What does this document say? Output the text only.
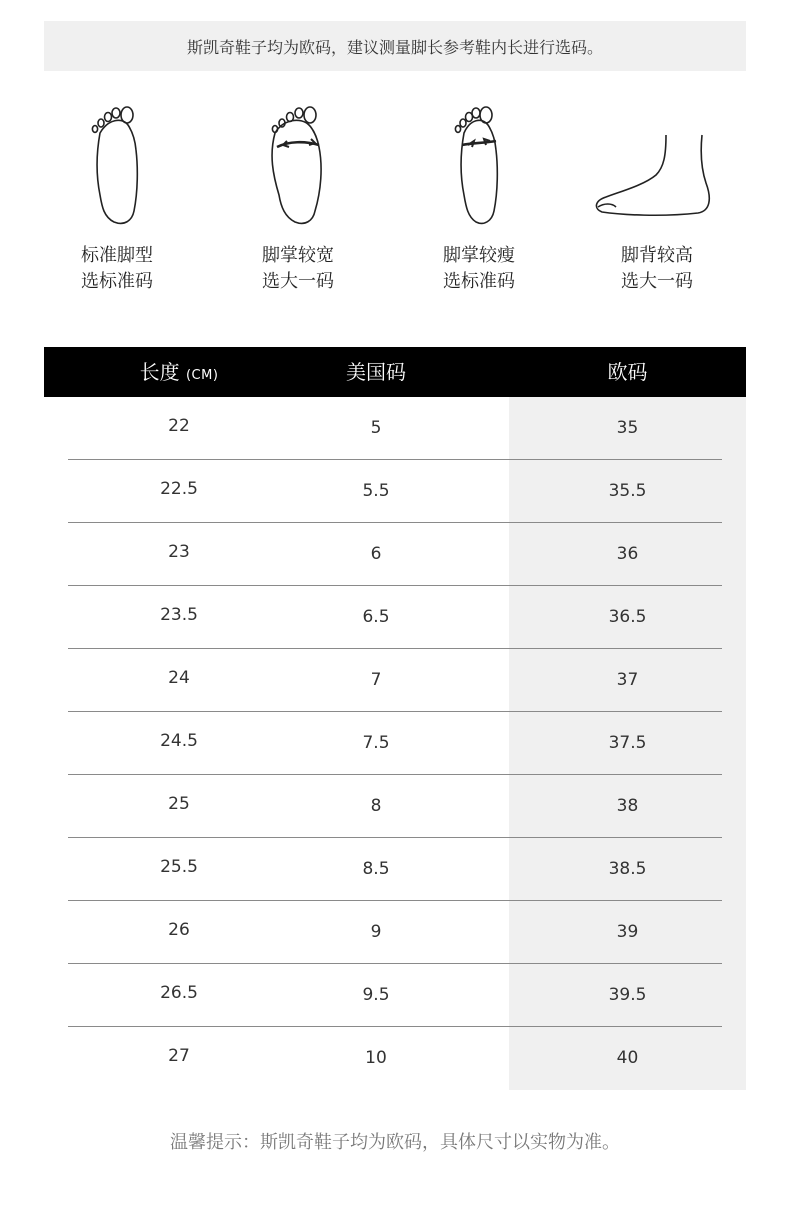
斯凯奇鞋子均为欧码，建议测量脚长参考鞋内长进行选码。
标准脚型
选标准码
脚掌较宽
选大一码
脚掌较瘦
选标准码
脚背较高
选大一码
长度 (CM)	美国码	欧码
22	5	35
22.5	5.5	35.5
23	6	36
23.5	6.5	36.5
24	7	37
24.5	7.5	37.5
25	8	38
25.5	8.5	38.5
26	9	39
26.5	9.5	39.5
27	10	40
温馨提示：斯凯奇鞋子均为欧码，具体尺寸以实物为准。
